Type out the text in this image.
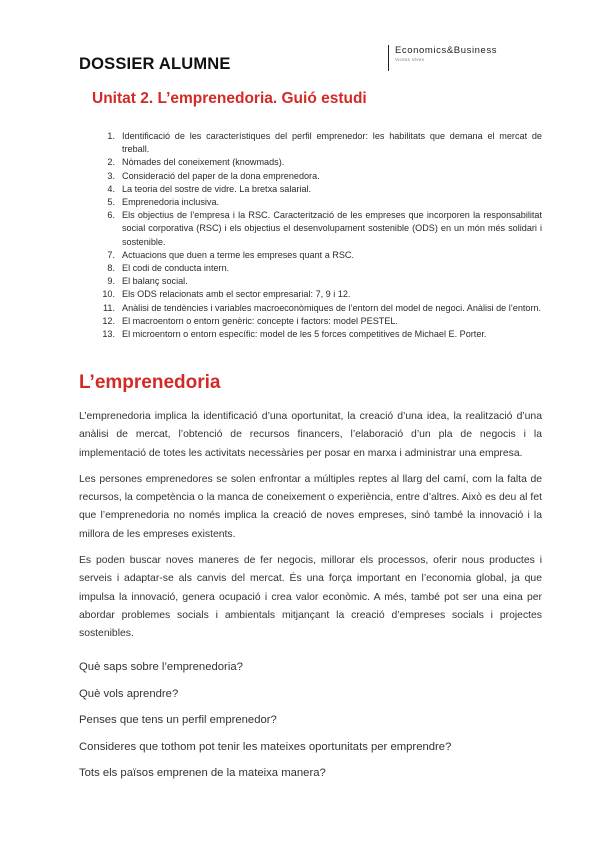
DOSSIER ALUMNE
Economics&Business
Vicens Vives
Unitat 2. L’emprenedoria. Guió estudi
1. Identificació de les característiques del perfil emprenedor: les habilitats que demana el mercat de treball.
2. Nòmades del coneixement (knowmads).
3. Consideració del paper de la dona emprenedora.
4. La teoria del sostre de vidre. La bretxa salarial.
5. Emprenedoria inclusiva.
6. Els objectius de l’empresa i la RSC. Caracterització de les empreses que incorporen la responsabilitat social corporativa (RSC) i els objectius el desenvolupament sostenible (ODS) en un món més solidari i sostenible.
7. Actuacions que duen a terme les empreses quant a RSC.
8. El codi de conducta intern.
9. El balanç social.
10. Els ODS relacionats amb el sector empresarial: 7, 9 i 12.
11. Anàlisi de tendències i variables macroeconòmiques de l’entorn del model de negoci. Anàlisi de l’entorn.
12. El macroentorn o entorn genèric: concepte i factors: model PESTEL.
13. El microentorn o entorn específic: model de les 5 forces competitives de Michael E. Porter.
L’emprenedoria

L’emprenedoria implica la identificació d’una oportunitat, la creació d’una idea, la realització d’una anàlisi de mercat, l’obtenció de recursos financers, l’elaboració d’un pla de negocis i la implementació de totes les activitats necessàries per posar en marxa i administrar una empresa.

Les persones emprenedores se solen enfrontar a múltiples reptes al llarg del camí, com la falta de recursos, la competència o la manca de coneixement o experiència, entre d’altres. Això es deu al fet que l’emprenedoria no només implica la creació de noves empreses, sinó també la innovació i la millora de les empreses existents.

Es poden buscar noves maneres de fer negocis, millorar els processos, oferir nous productes i serveis i adaptar-se als canvis del mercat. És una força important en l’economia global, ja que impulsa la innovació, genera ocupació i crea valor econòmic. A més, també pot ser una eina per abordar problemes socials i ambientals mitjançant la creació d’empreses socials i projectes sostenibles.

Què saps sobre l’emprenedoria?
Què vols aprendre?
Penses que tens un perfil emprenedor?
Consideres que tothom pot tenir les mateixes oportunitats per emprendre?
Tots els països emprenen de la mateixa manera?
